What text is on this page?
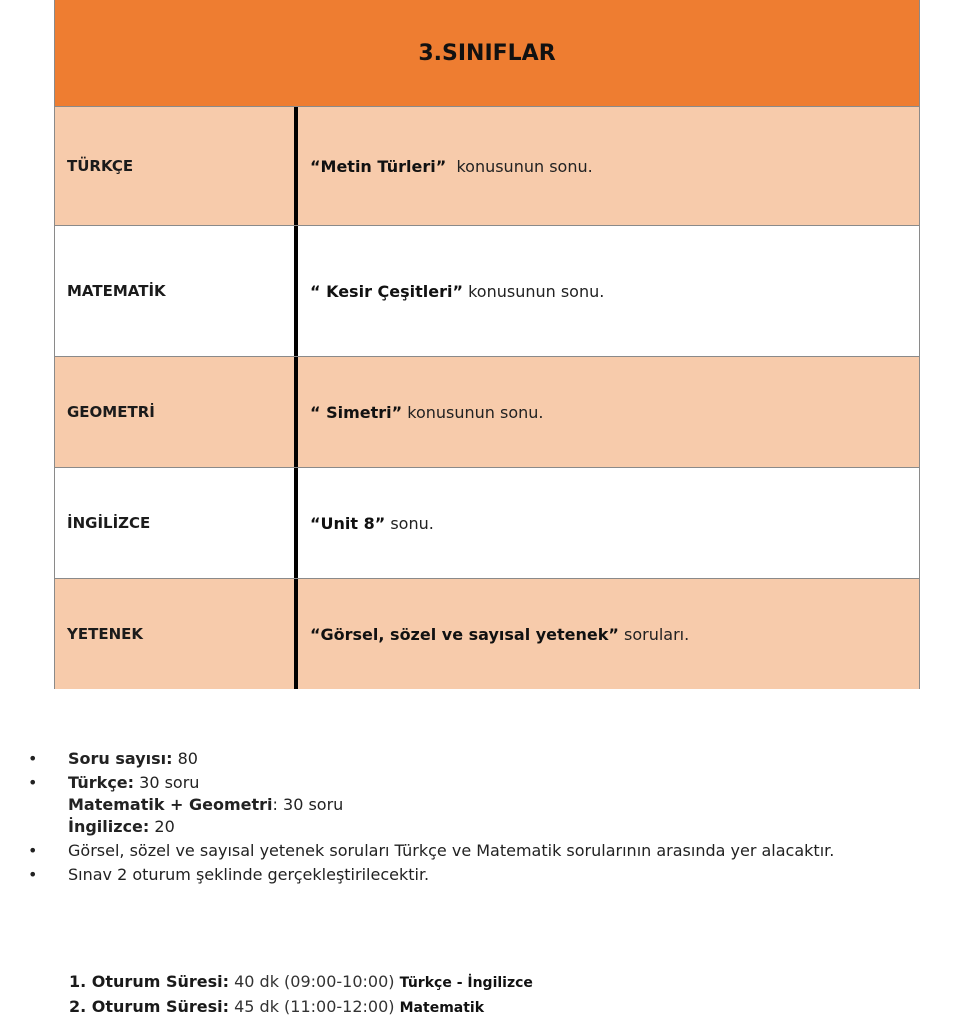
3.SINIFLAR
TÜRKÇE	“Metin Türleri” konusunun sonu.
MATEMATİK	“ Kesir Çeşitleri” konusunun sonu.
GEOMETRİ	“ Simetri” konusunun sonu.
İNGİLİZCE	“Unit 8” sonu.
YETENEK	“Görsel, sözel ve sayısal yetenek” soruları.
•	Soru sayısı: 80
•	Türkçe: 30 soru
Matematik + Geometri: 30 soru
İngilizce: 20
•	Görsel, sözel ve sayısal yetenek soruları Türkçe ve Matematik sorularının arasında yer alacaktır.
•	Sınav 2 oturum şeklinde gerçekleştirilecektir.
1. Oturum Süresi: 40 dk (09:00-10:00) Türkçe - İngilizce
2. Oturum Süresi: 45 dk (11:00-12:00) Matematik
